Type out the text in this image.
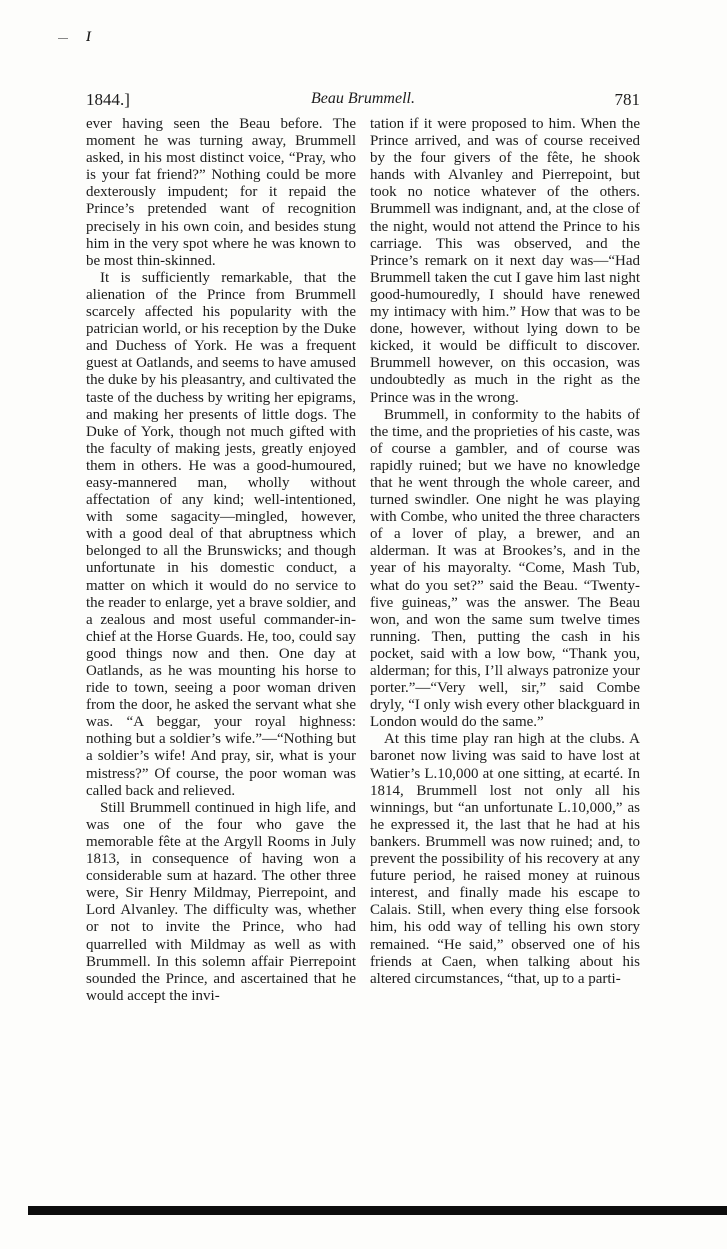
ɪ
1844.]	Beau Brummell.	781

ever having seen the Beau before. The moment he was turning away, Brummell asked, in his most distinct voice, “Pray, who is your fat friend?” Nothing could be more dexterously impudent; for it repaid the Prince’s pretended want of recognition precisely in his own coin, and besides stung him in the very spot where he was known to be most thin-skinned.

It is sufficiently remarkable, that the alienation of the Prince from Brummell scarcely affected his popularity with the patrician world, or his reception by the Duke and Duchess of York. He was a frequent guest at Oatlands, and seems to have amused the duke by his pleasantry, and cultivated the taste of the duchess by writing her epigrams, and making her presents of little dogs. The Duke of York, though not much gifted with the faculty of making jests, greatly enjoyed them in others. He was a good-humoured, easy-mannered man, wholly without affectation of any kind; well-intentioned, with some sagacity—mingled, however, with a good deal of that abruptness which belonged to all the Brunswicks; and though unfortunate in his domestic conduct, a matter on which it would do no service to the reader to enlarge, yet a brave soldier, and a zealous and most useful commander-in-chief at the Horse Guards. He, too, could say good things now and then. One day at Oatlands, as he was mounting his horse to ride to town, seeing a poor woman driven from the door, he asked the servant what she was. “A beggar, your royal highness: nothing but a soldier’s wife.”—“Nothing but a soldier’s wife! And pray, sir, what is your mistress?” Of course, the poor woman was called back and relieved.

Still Brummell continued in high life, and was one of the four who gave the memorable fête at the Argyll Rooms in July 1813, in consequence of having won a considerable sum at hazard. The other three were, Sir Henry Mildmay, Pierrepoint, and Lord Alvanley. The difficulty was, whether or not to invite the Prince, who had quarrelled with Mildmay as well as with Brummell. In this solemn affair Pierrepoint sounded the Prince, and ascertained that he would accept the invi-

tation if it were proposed to him. When the Prince arrived, and was of course received by the four givers of the fête, he shook hands with Alvanley and Pierrepoint, but took no notice whatever of the others. Brummell was indignant, and, at the close of the night, would not attend the Prince to his carriage. This was observed, and the Prince’s remark on it next day was—“Had Brummell taken the cut I gave him last night good-humouredly, I should have renewed my intimacy with him.” How that was to be done, however, without lying down to be kicked, it would be difficult to discover. Brummell however, on this occasion, was undoubtedly as much in the right as the Prince was in the wrong.

Brummell, in conformity to the habits of the time, and the proprieties of his caste, was of course a gambler, and of course was rapidly ruined; but we have no knowledge that he went through the whole career, and turned swindler. One night he was playing with Combe, who united the three characters of a lover of play, a brewer, and an alderman. It was at Brookes’s, and in the year of his mayoralty. “Come, Mash Tub, what do you set?” said the Beau. “Twenty-five guineas,” was the answer. The Beau won, and won the same sum twelve times running. Then, putting the cash in his pocket, said with a low bow, “Thank you, alderman; for this, I’ll always patronize your porter.”—“Very well, sir,” said Combe dryly, “I only wish every other blackguard in London would do the same.”

At this time play ran high at the clubs. A baronet now living was said to have lost at Watier’s L.10,000 at one sitting, at ecarté. In 1814, Brummell lost not only all his winnings, but “an unfortunate L.10,000,” as he expressed it, the last that he had at his bankers. Brummell was now ruined; and, to prevent the possibility of his recovery at any future period, he raised money at ruinous interest, and finally made his escape to Calais. Still, when every thing else forsook him, his odd way of telling his own story remained. “He said,” observed one of his friends at Caen, when talking about his altered circumstances, “that, up to a parti-
